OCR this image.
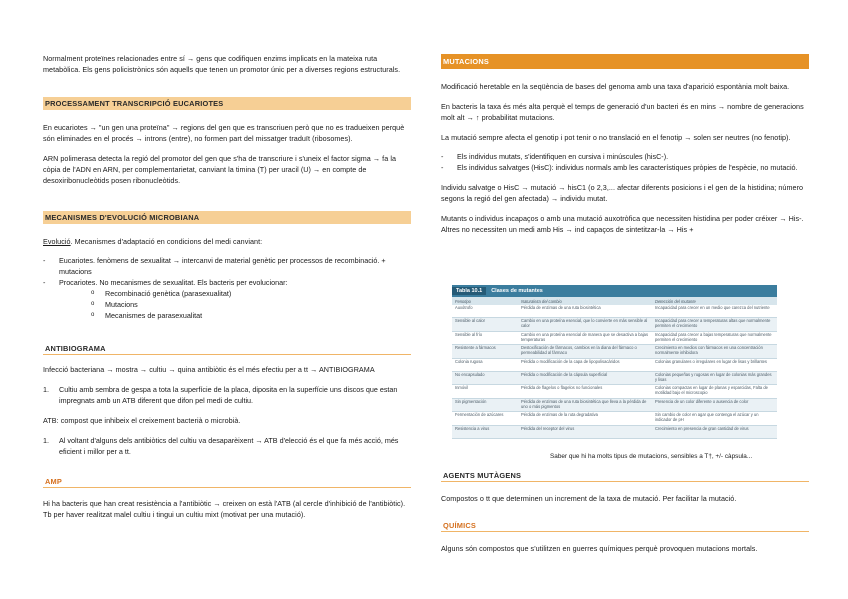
Normalment proteïnes relacionades entre sí → gens que codifiquen enzims implicats en la mateixa ruta metabòlica. Els gens policistrònics són aquells que tenen un promotor únic per a diverses regions estructurals.

PROCESSAMENT TRANSCRIPCIÓ EUCARIOTES

En eucariotes → "un gen una proteïna" → regions del gen que es transcriuen però que no es tradueixen perquè són eliminades en el procés → introns (entre), no formen part del missatger traduït (ribosomes).

ARN polimerasa detecta la regió del promotor del gen que s'ha de transcriure i s'uneix el factor sigma → fa la còpia de l'ADN en ARN, per complementarietat, canviant la timina (T) per uracil (U) → en compte de desoxiribonucleòtids posen ribonucleòtids.

MECANISMES D'EVOLUCIÓ MICROBIANA

Evolució. Mecanismes d'adaptació en condicions del medi canviant:

- Eucariotes. fenòmens de sexualitat → intercanvi de material genètic per processos de recombinació. + mutacions
- Procariotes. No mecanismes de sexualitat. Els bacteris per evolucionar:
o Recombinació genètica (parasexualitat)
o Mutacions
o Mecanismes de parasexualitat
ANTIBIOGRAMA

Infecció bacteriana → mostra → cultiu → quina antibiòtic és el més efectiu per a tt → ANTIBIOGRAMA

1. Cultiu amb sembra de gespa a tota la superfície de la placa, diposita en la superfície uns discos que estan impregnats amb un ATB diferent que difon pel medi de cultiu.

ATB: compost que inhibeix el creixement bacterià o microbià.

1. Al voltant d'alguns dels antibiòtics del cultiu va desaparèixent → ATB d'elecció és el que fa més acció, més eficient i millor per a tt.
AMP

Hi ha bacteris que han creat resistència a l'antibiòtic → creixen on està l'ATB (al cercle d'inhibició de l'antibiòtic). Tb per haver realitzat malel cultiu i tingui un cultiu mixt (motivat per una mutació).

MUTACIONS

Modificació heretable en la seqüència de bases del genoma amb una taxa d'aparició espontània molt baixa.

En bacteris la taxa és més alta perquè el temps de generació d'un bacteri és en mins → nombre de generacions molt alt → ↑ probabilitat mutacions.

La mutació sempre afecta el genotip i pot tenir o no translació en el fenotip → solen ser neutres (no fenotip).

- Els individus mutats, s'identifiquen en cursiva i minúscules (hisC-).
- Els individus salvatges (HisC): individus normals amb les característiques pròpies de l'espècie, no mutació.

Individu salvatge o HisC → mutació → hisC1 (o 2,3,... afectar diferents posicions i el gen de la histidina; número segons la regió del gen afectada) → individu mutat.

Mutants o individus incapaços o amb una mutació auxotròfica que necessiten histidina per poder créixer → His-. Altres no necessiten un medi amb His → ind capaços de sintetitzar-la → His +

AGENTS MUTÀGENS

Compostos o tt que determinen un increment de la taxa de mutació. Per facilitar la mutació.

QUÍMICS

Alguns són compostos que s'utilitzen en guerres químiques perquè provoquen mutacions mortals.

Tabla 10.1	Clases de mutantes
Fenotipo	Naturaleza del cambio	Detección del mutante
Auxótrofo	Pérdida de enzimas de una ruta biosintética	Incapacidad para crecer en un medio que carezca del nutriente
Sensible al calor	Cambio en una proteína esencial, que lo convierte en más sensible al calor	Incapacidad para crecer a temperaturas altas que normalmente permiten el crecimiento
Sensible al frío	Cambio en una proteína esencial de manera que se desactiva a bajas temperaturas	Incapacidad para crecer a bajas temperaturas que normalmente permiten el crecimiento
Resistente a fármacos	Destoxificación de fármacos, cambios en la diana del fármaco o permeabilidad al fármaco	Crecimiento en medios con fármacos en una concentración normalmente inhibidora
Colonia rugosa	Pérdida o modificación de la capa de lipopolisacáridos	Colonias granulares o irregulares en lugar de lisas y brillantes
No encapsulado	Pérdida o modificación de la cápsula superficial	Colonias pequeñas y rugosas en lugar de colonias más grandes y lisas
Inmóvil	Pérdida de flagelos o flagelos no funcionales	Colonias compactas en lugar de planas y esparcidas, Falta de motilidad bajo el microscopio
Sin pigmentación	Pérdida de enzimas de una ruta biosintética que lleva a la pérdida de uno o más pigmentos	Presencia de un color diferente o ausencia de color
Fermentación de azúcares	Pérdida de enzimas de la ruta degradativa	Sin cambio de color en agar que contenga el azúcar y un indicador de pH
Resistencia a virus	Pérdida del receptor del virus	Crecimiento en presencia de gran cantidad de virus
Saber que hi ha molts tipus de mutacions, sensibles a T†, +/- càpsula...
